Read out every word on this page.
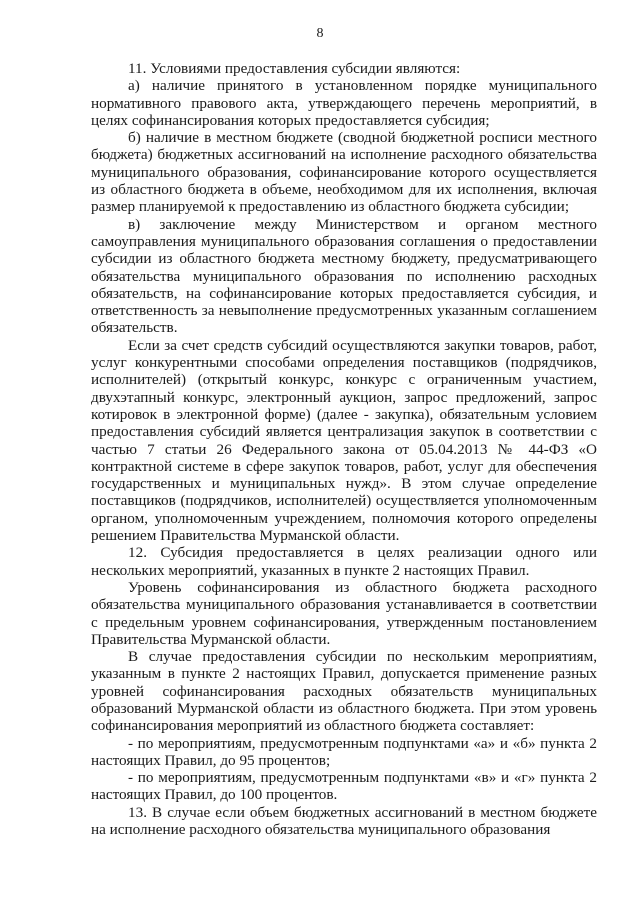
8

11. Условиями предоставления субсидии являются:

а) наличие принятого в установленном порядке муниципального нормативного правового акта, утверждающего перечень мероприятий, в целях софинансирования которых предоставляется субсидия;

б) наличие в местном бюджете (сводной бюджетной росписи местного бюджета) бюджетных ассигнований на исполнение расходного обязательства муниципального образования, софинансирование которого осуществляется из областного бюджета в объеме, необходимом для их исполнения, включая размер планируемой к предоставлению из областного бюджета субсидии;

в) заключение между Министерством и органом местного самоуправления муниципального образования соглашения о предоставлении субсидии из областного бюджета местному бюджету, предусматривающего обязательства муниципального образования по исполнению расходных обязательств, на софинансирование которых предоставляется субсидия, и ответственность за невыполнение предусмотренных указанным соглашением обязательств.

Если за счет средств субсидий осуществляются закупки товаров, работ, услуг конкурентными способами определения поставщиков (подрядчиков, исполнителей) (открытый конкурс, конкурс с ограниченным участием, двухэтапный конкурс, электронный аукцион, запрос предложений, запрос котировок в электронной форме) (далее - закупка), обязательным условием предоставления субсидий является централизация закупок в соответствии с частью 7 статьи 26 Федерального закона от 05.04.2013 № 44-ФЗ «О контрактной системе в сфере закупок товаров, работ, услуг для обеспечения государственных и муниципальных нужд». В этом случае определение поставщиков (подрядчиков, исполнителей) осуществляется уполномоченным органом, уполномоченным учреждением, полномочия которого определены решением Правительства Мурманской области.

12. Субсидия предоставляется в целях реализации одного или нескольких мероприятий, указанных в пункте 2 настоящих Правил.

Уровень софинансирования из областного бюджета расходного обязательства муниципального образования устанавливается в соответствии с предельным уровнем софинансирования, утвержденным постановлением Правительства Мурманской области.

В случае предоставления субсидии по нескольким мероприятиям, указанным в пункте 2 настоящих Правил, допускается применение разных уровней софинансирования расходных обязательств муниципальных образований Мурманской области из областного бюджета. При этом уровень софинансирования мероприятий из областного бюджета составляет:

- по мероприятиям, предусмотренным подпунктами «а» и «б» пункта 2 настоящих Правил, до 95 процентов;

- по мероприятиям, предусмотренным подпунктами «в» и «г» пункта 2 настоящих Правил, до 100 процентов.

13. В случае если объем бюджетных ассигнований в местном бюджете на исполнение расходного обязательства муниципального образования
